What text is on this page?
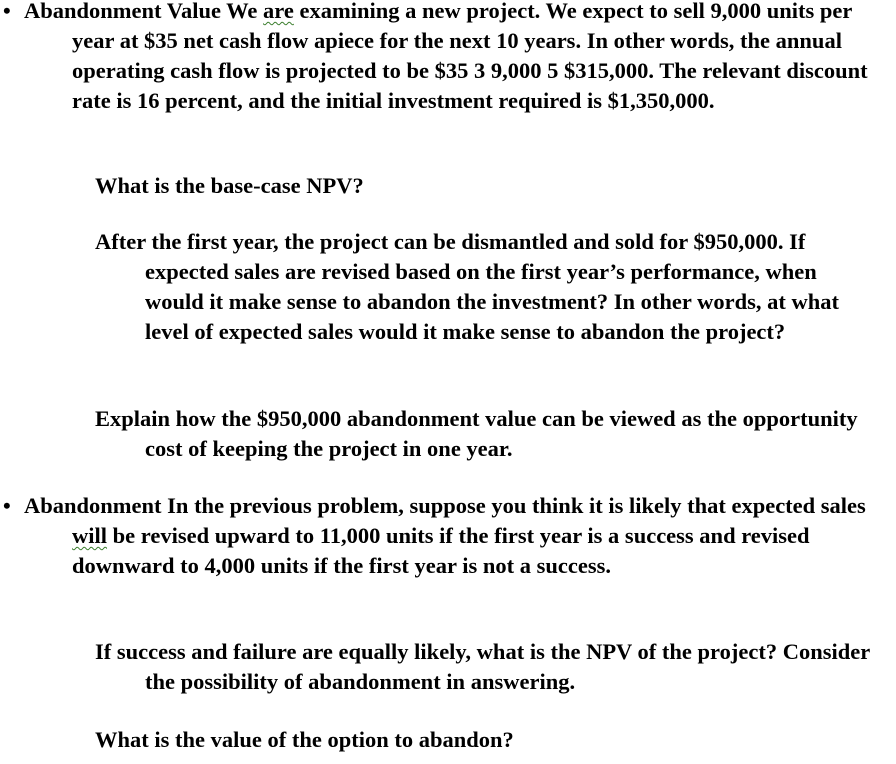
• Abandonment Value We are examining a new project. We expect to sell 9,000 units per year at $35 net cash flow apiece for the next 10 years. In other words, the annual operating cash flow is projected to be $35 3 9,000 5 $315,000. The relevant discount rate is 16 percent, and the initial investment required is $1,350,000.

What is the base-case NPV?

After the first year, the project can be dismantled and sold for $950,000. If expected sales are revised based on the first year’s performance, when would it make sense to abandon the investment? In other words, at what level of expected sales would it make sense to abandon the project?

Explain how the $950,000 abandonment value can be viewed as the opportunity cost of keeping the project in one year.

• Abandonment In the previous problem, suppose you think it is likely that expected sales will be revised upward to 11,000 units if the first year is a success and revised downward to 4,000 units if the first year is not a success.

If success and failure are equally likely, what is the NPV of the project? Consider the possibility of abandonment in answering.

What is the value of the option to abandon?
